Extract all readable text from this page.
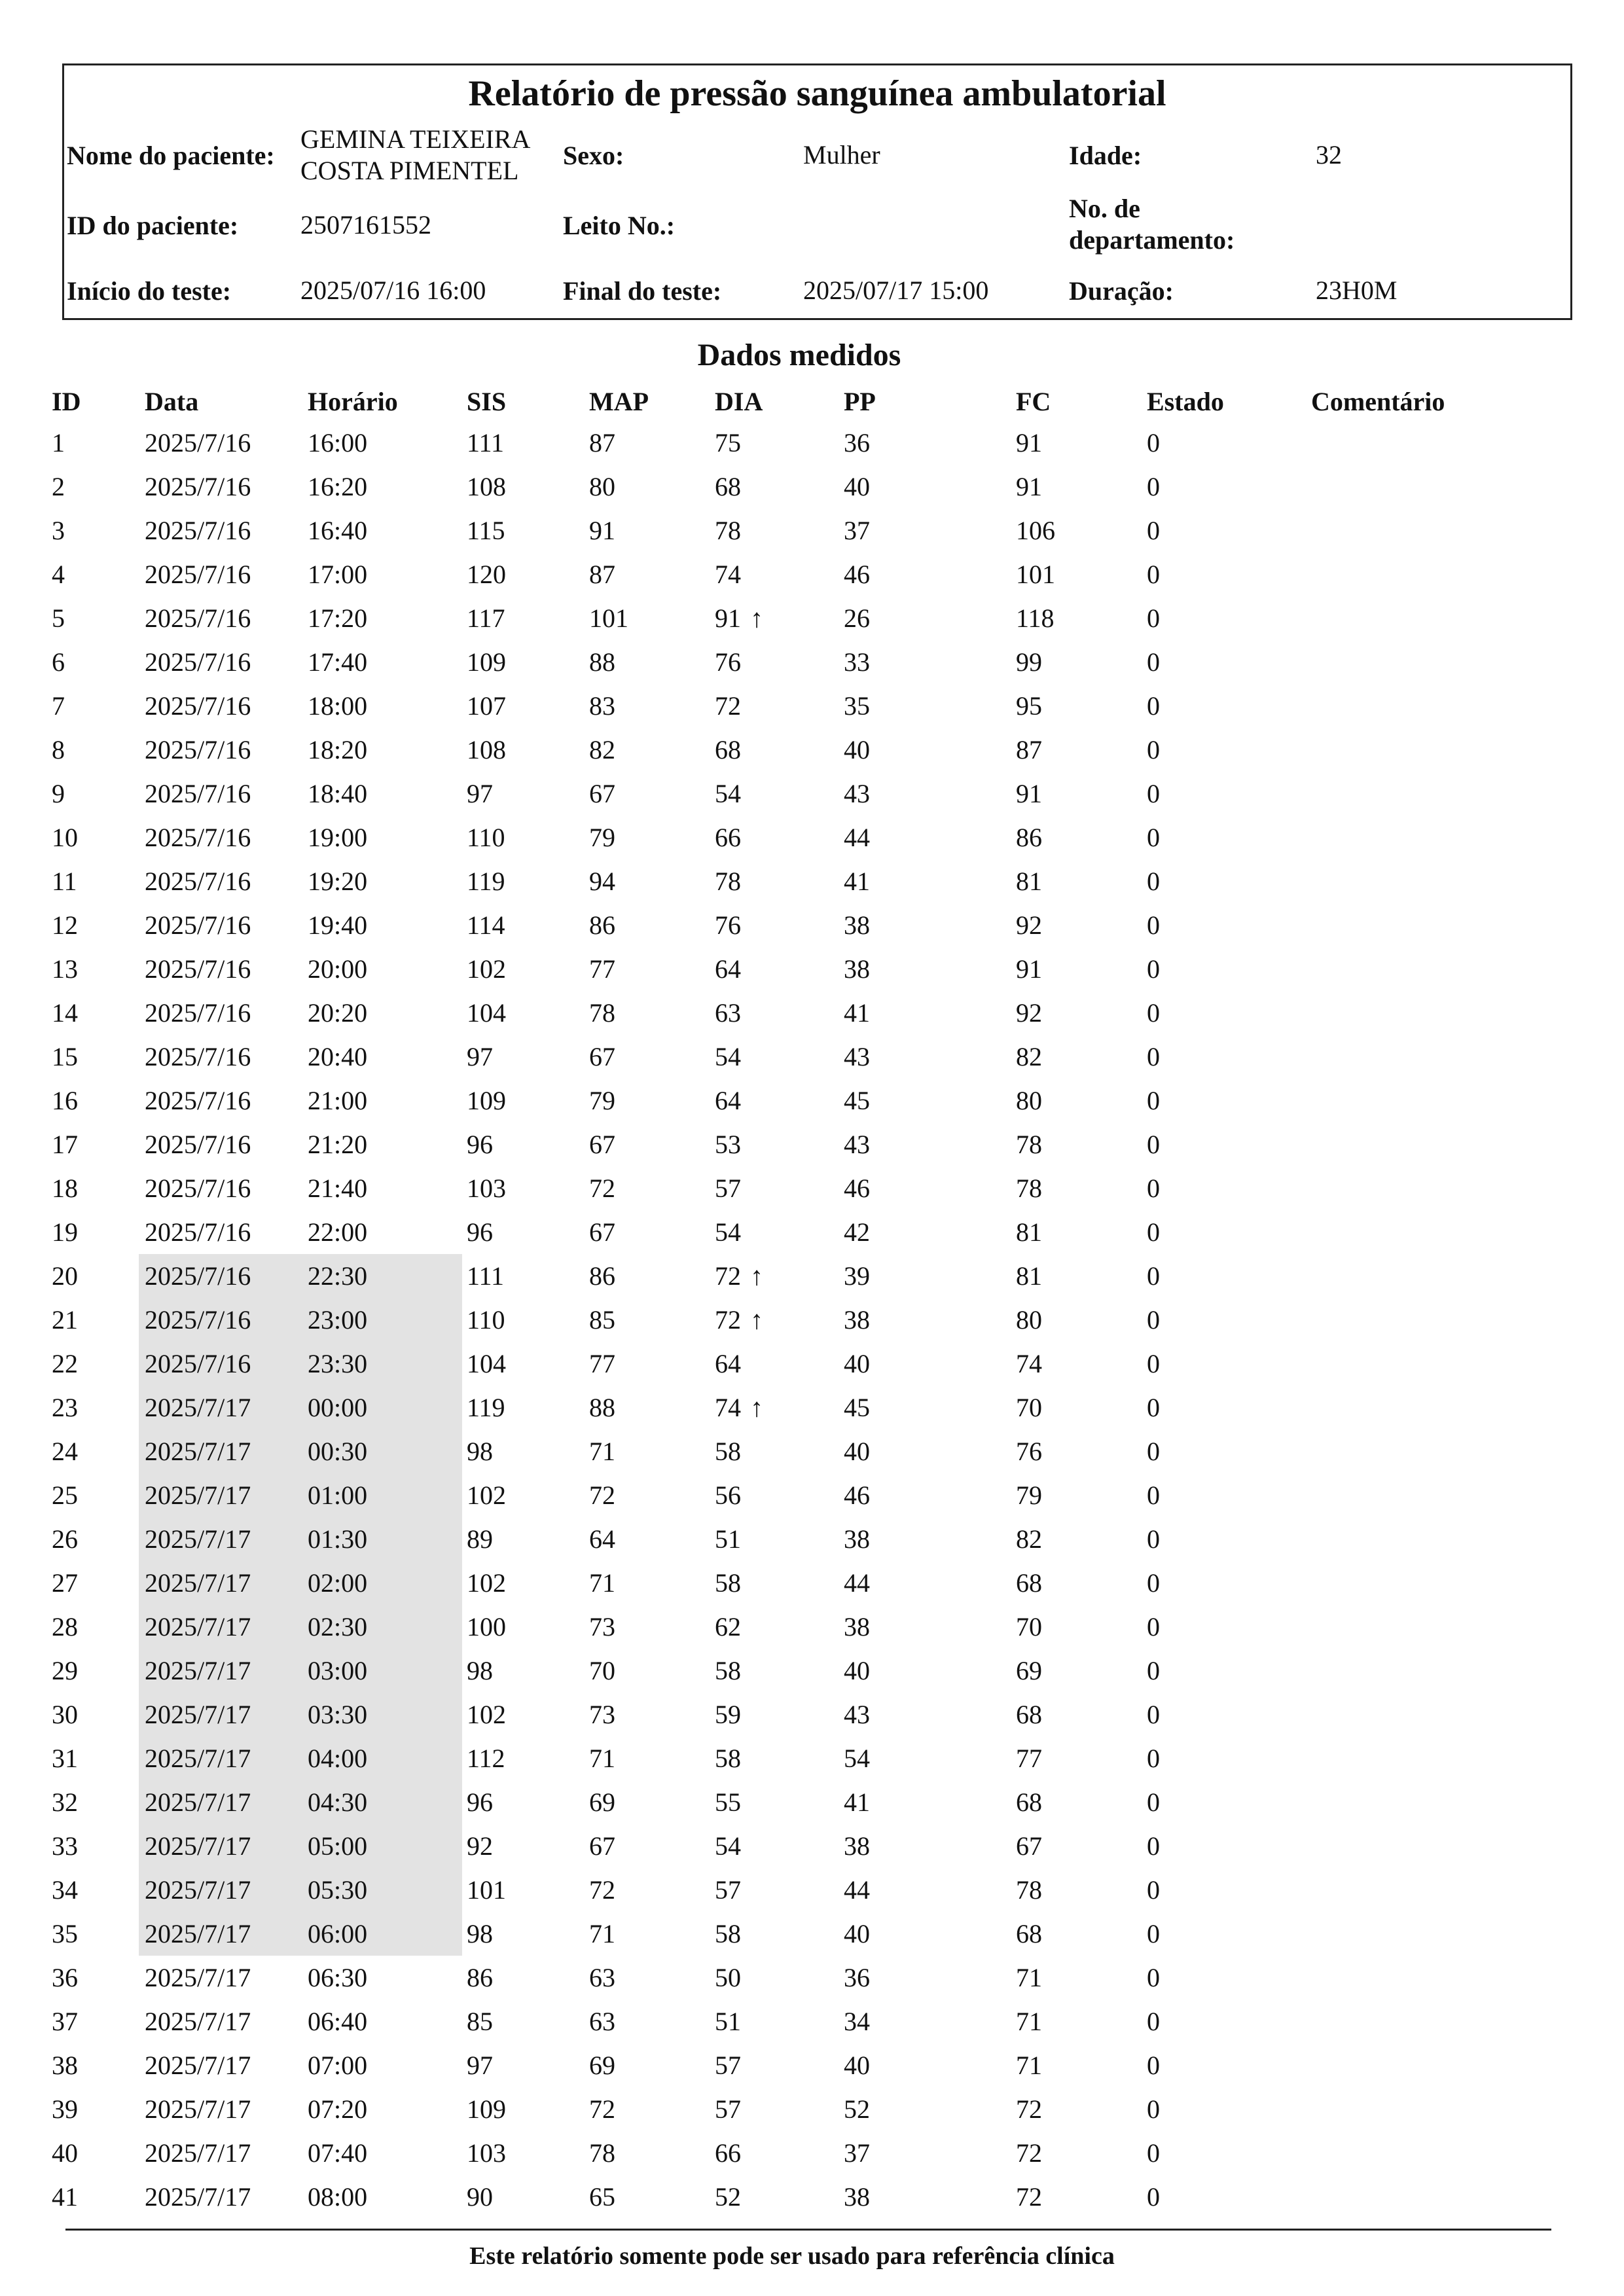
Relatório de pressão sanguínea ambulatorial
Nome do paciente:
GEMINA TEIXEIRA
COSTA PIMENTEL
Sexo:	Mulher	Idade:	32
ID do paciente: 2507161552	Leito No.:
No. de
departamento:
Início do teste:	2025/07/16 16:00	Final do teste:	2025/07/17 15:00	Duração:	23H0M
Dados medidos
ID Data	Horário	SIS	MAP	DIA	PP	FC	Estado	Comentário
1	2025/7/16 16:00	111	87	75	36	91	0
2	2025/7/16 16:20	108	80	68	40	91	0
3	2025/7/16 16:40	115	91	78	37	106	0
4	2025/7/16 17:00	120	87	74	46	101	0
5	2025/7/16 17:20	117	101	91 ↑	26	118	0
6	2025/7/16 17:40	109	88	76	33	99	0
7	2025/7/16 18:00	107	83	72	35	95	0
8	2025/7/16 18:20	108	82	68	40	87	0
9	2025/7/16 18:40	97	67	54	43	91	0
10	2025/7/16 19:00	110	79	66	44	86	0
11	2025/7/16 19:20	119	94	78	41	81	0
12	2025/7/16 19:40	114	86	76	38	92	0
13	2025/7/16 20:00	102	77	64	38	91	0
14	2025/7/16 20:20	104	78	63	41	92	0
15	2025/7/16 20:40	97	67	54	43	82	0
16	2025/7/16 21:00	109	79	64	45	80	0
17	2025/7/16 21:20	96	67	53	43	78	0
18	2025/7/16 21:40	103	72	57	46	78	0
19	2025/7/16 22:00	96	67	54	42	81	0
20	2025/7/16 22:30	111	86	72 ↑	39	81	0
21	2025/7/16 23:00	110	85	72 ↑	38	80	0
22	2025/7/16 23:30	104	77	64	40	74	0
23	2025/7/17 00:00	119	88	74 ↑	45	70	0
24	2025/7/17 00:30	98	71	58	40	76	0
25	2025/7/17 01:00	102	72	56	46	79	0
26	2025/7/17 01:30	89	64	51	38	82	0
27	2025/7/17 02:00	102	71	58	44	68	0
28	2025/7/17 02:30	100	73	62	38	70	0
29	2025/7/17 03:00	98	70	58	40	69	0
30	2025/7/17 03:30	102	73	59	43	68	0
31	2025/7/17 04:00	112	71	58	54	77	0
32	2025/7/17 04:30	96	69	55	41	68	0
33	2025/7/17 05:00	92	67	54	38	67	0
34	2025/7/17 05:30	101	72	57	44	78	0
35	2025/7/17 06:00	98	71	58	40	68	0
36	2025/7/17 06:30	86	63	50	36	71	0
37	2025/7/17 06:40	85	63	51	34	71	0
38	2025/7/17 07:00	97	69	57	40	71	0
39	2025/7/17 07:20	109	72	57	52	72	0
40	2025/7/17 07:40	103	78	66	37	72	0
41	2025/7/17 08:00	90	65	52	38	72	0
Este relatório somente pode ser usado para referência clínica
